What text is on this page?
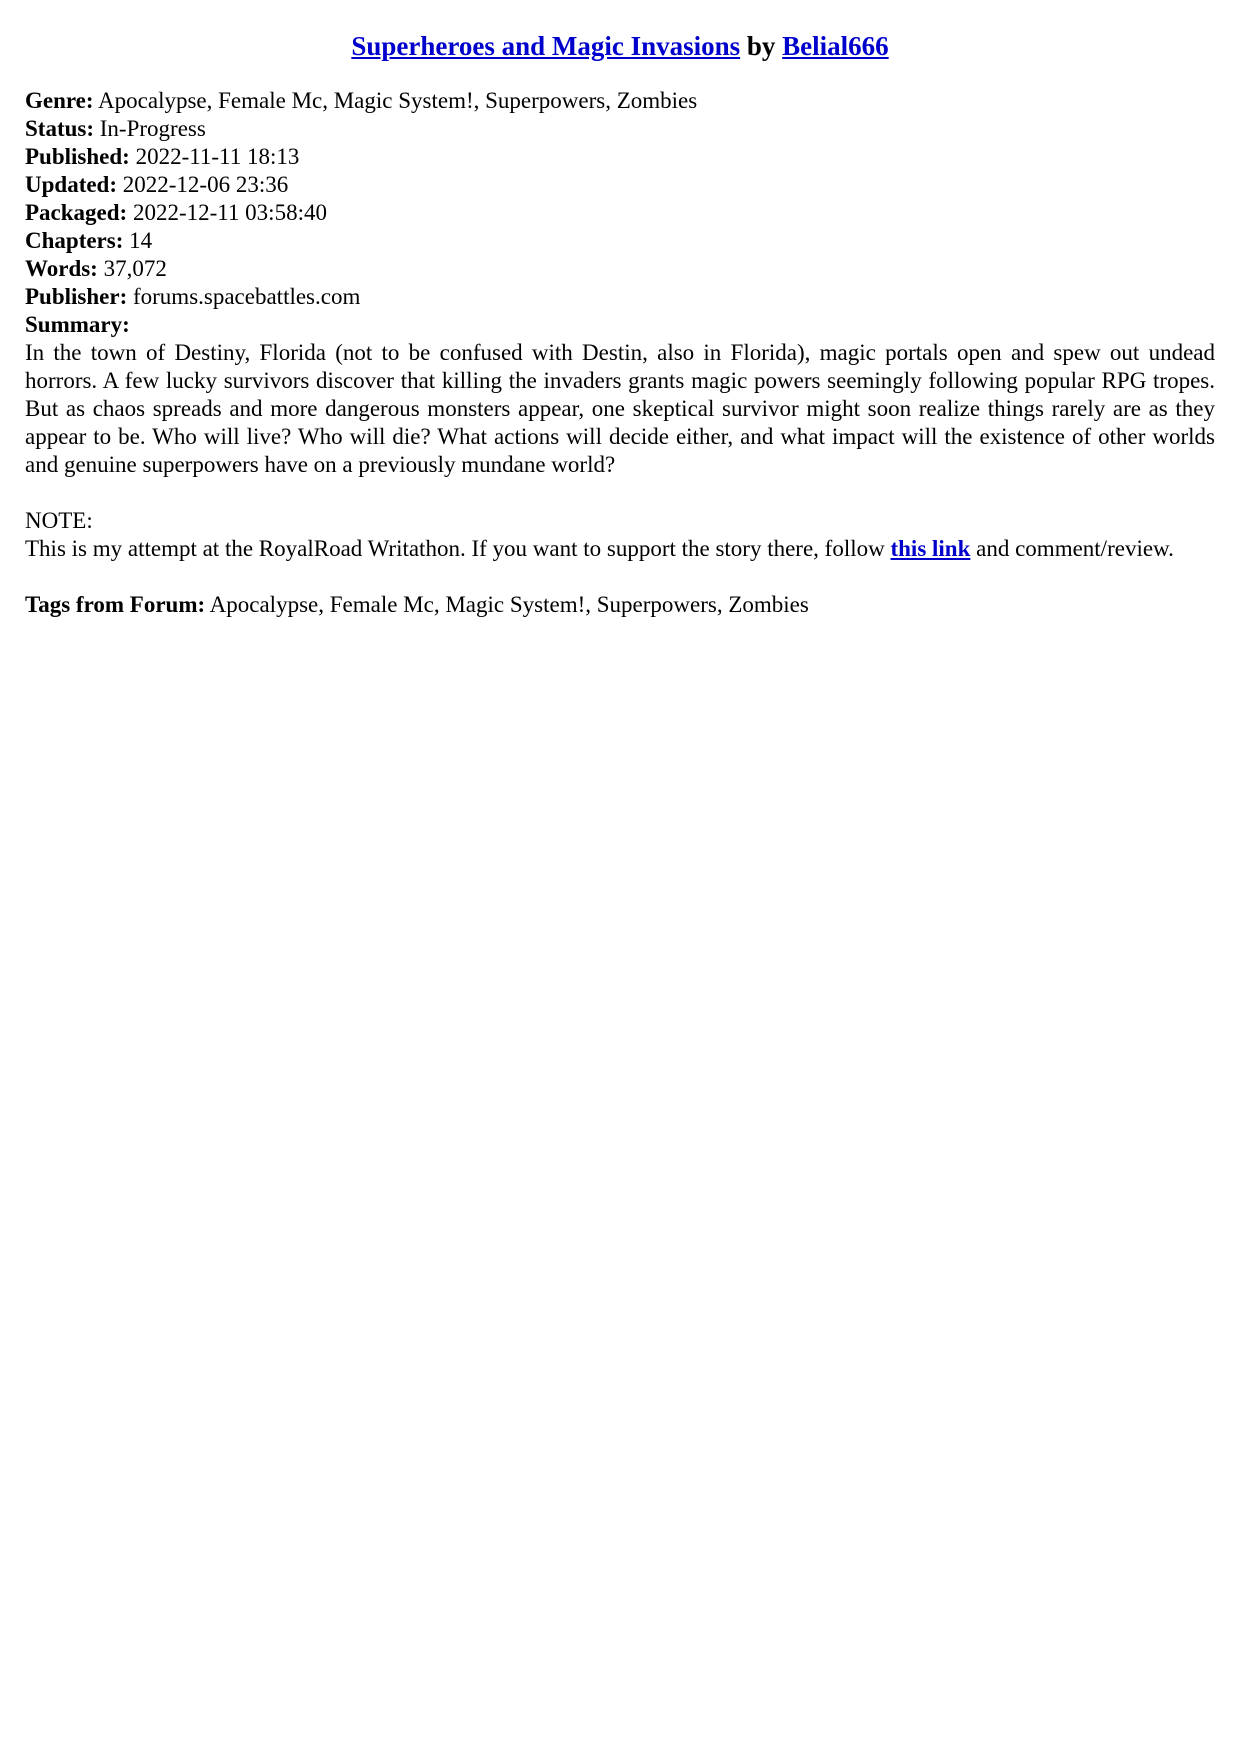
Superheroes and Magic Invasions by Belial666

Genre: Apocalypse, Female Mc, Magic System!, Superpowers, Zombies

Status: In-Progress

Published: 2022-11-11 18:13

Updated: 2022-12-06 23:36

Packaged: 2022-12-11 03:58:40

Chapters: 14

Words: 37,072

Publisher: forums.spacebattles.com

Summary:

In the town of Destiny, Florida (not to be confused with Destin, also in Florida), magic portals open and spew out undead horrors. A few lucky survivors discover that killing the invaders grants magic powers seemingly following popular RPG tropes. But as chaos spreads and more dangerous monsters appear, one skeptical survivor might soon realize things rarely are as they appear to be. Who will live? Who will die? What actions will decide either, and what impact will the existence of other worlds and genuine superpowers have on a previously mundane world?

NOTE:

This is my attempt at the RoyalRoad Writathon. If you want to support the story there, follow this link and comment/review.

Tags from Forum: Apocalypse, Female Mc, Magic System!, Superpowers, Zombies
